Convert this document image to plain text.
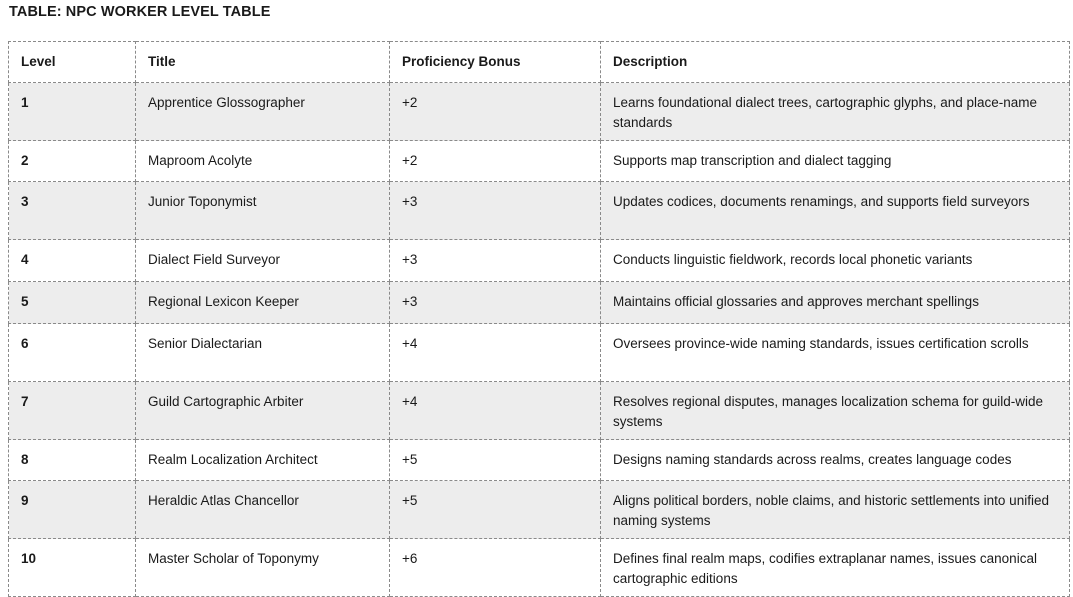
TABLE: NPC WORKER LEVEL TABLE
Level	Title	Proficiency Bonus	Description
1	Apprentice Glossographer	+2	Learns foundational dialect trees, cartographic glyphs, and place-name standards
2	Maproom Acolyte	+2	Supports map transcription and dialect tagging
3	Junior Toponymist	+3	Updates codices, documents renamings, and supports field surveyors
4	Dialect Field Surveyor	+3	Conducts linguistic fieldwork, records local phonetic variants
5	Regional Lexicon Keeper	+3	Maintains official glossaries and approves merchant spellings
6	Senior Dialectarian	+4	Oversees province-wide naming standards, issues certification scrolls
7	Guild Cartographic Arbiter	+4	Resolves regional disputes, manages localization schema for guild-wide systems
8	Realm Localization Architect	+5	Designs naming standards across realms, creates language codes
9	Heraldic Atlas Chancellor	+5	Aligns political borders, noble claims, and historic settlements into unified naming systems
10	Master Scholar of Toponymy	+6	Defines final realm maps, codifies extraplanar names, issues canonical cartographic editions
